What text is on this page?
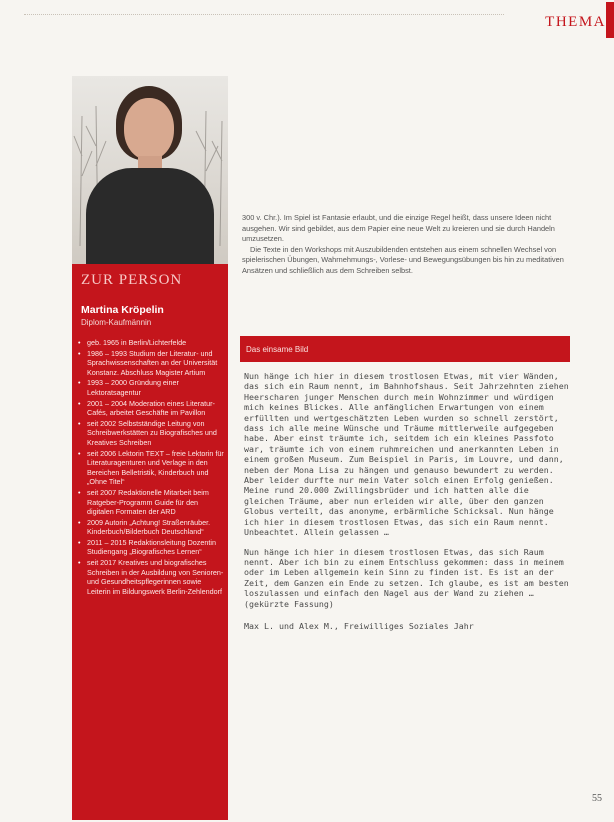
THEMA
ZUR PERSON
Martina Kröpelin
Diplom-Kaufmännin
• geb. 1965 in Berlin/Lichterfelde
• 1986 – 1993 Studium der Literatur- und Sprachwissenschaften an der Universität Konstanz. Abschluss Magister Artium
• 1993 – 2000 Gründung einer Lektoratsagentur
• 2001 – 2004 Moderation eines Literatur-Cafés, arbeitet Geschäfte im Pavillon
• seit 2002 Selbstständige Leitung von Schreibwerkstätten zu Biografisches und Kreatives Schreiben
• seit 2006 Lektorin TEXT – freie Lektorin für Literaturagenturen und Verlage in den Bereichen Belletristik, Kinderbuch und „Ohne Titel“
• seit 2007 Redaktionelle Mitarbeit beim Ratgeber-Programm Guide für den digitalen Formaten der ARD
• 2009 Autorin „Achtung! Straßenräuber. Kinderbuch/Bilderbuch Deutschland“
• 2011 – 2015 Redaktionsleitung Dozentin Studiengang „Biografisches Lernen“
• seit 2017 Kreatives und biografisches Schreiben in der Ausbildung von Senioren- und Gesundheitspflegerinnen sowie Leiterin im Bildungswerk Berlin-Zehlendorf

300 v. Chr.). Im Spiel ist Fantasie erlaubt, und die einzige Regel heißt, dass unsere Ideen nicht ausgehen. Wir sind gebildet, aus dem Papier eine neue Welt zu kreieren und sie durch Handeln umzusetzen.

Die Texte in den Workshops mit Auszubildenden entstehen aus einem schnellen Wechsel von spielerischen Übungen, Wahrnehmungs-, Vorlese- und Bewegungsübungen bis hin zu meditativen Ansätzen und schließlich aus dem Schreiben selbst.

Das einsame Bild

Nun hänge ich hier in diesem trostlosen Etwas, mit vier Wänden, das sich ein Raum nennt, im Bahnhofshaus. Seit Jahrzehnten ziehen Heerscharen junger Menschen durch mein Wohnzimmer und würdigen mich keines Blickes. Alle anfänglichen Erwartungen von einem erfüllten und wertgeschätzten Leben wurden so schnell zerstört, dass ich alle meine Wünsche und Träume mittlerweile aufgegeben habe. Aber einst träumte ich, seitdem ich ein kleines Passfoto war, träumte ich von einem ruhmreichen und anerkannten Leben in einem großen Museum. Zum Beispiel in Paris, im Louvre, und dann, neben der Mona Lisa zu hängen und genauso bewundert zu werden. Aber leider durfte nur mein Vater solch einen Erfolg genießen. Meine rund 20.000 Zwillingsbrüder und ich hatten alle die gleichen Träume, aber nun erleiden wir alle, über den ganzen Globus verteilt, das anonyme, erbärmliche Schicksal. Nun hänge ich hier in diesem trostlosen Etwas, das sich ein Raum nennt. Unbeachtet. Allein gelassen …

Nun hänge ich hier in diesem trostlosen Etwas, das sich Raum nennt. Aber ich bin zu einem Entschluss gekommen: dass in meinem oder im Leben allgemein kein Sinn zu finden ist. Es ist an der Zeit, dem Ganzen ein Ende zu setzen. Ich glaube, es ist am besten loszulassen und einfach den Nagel aus der Wand zu ziehen … (gekürzte Fassung)

Max L. und Alex M., Freiwilliges Soziales Jahr

55
